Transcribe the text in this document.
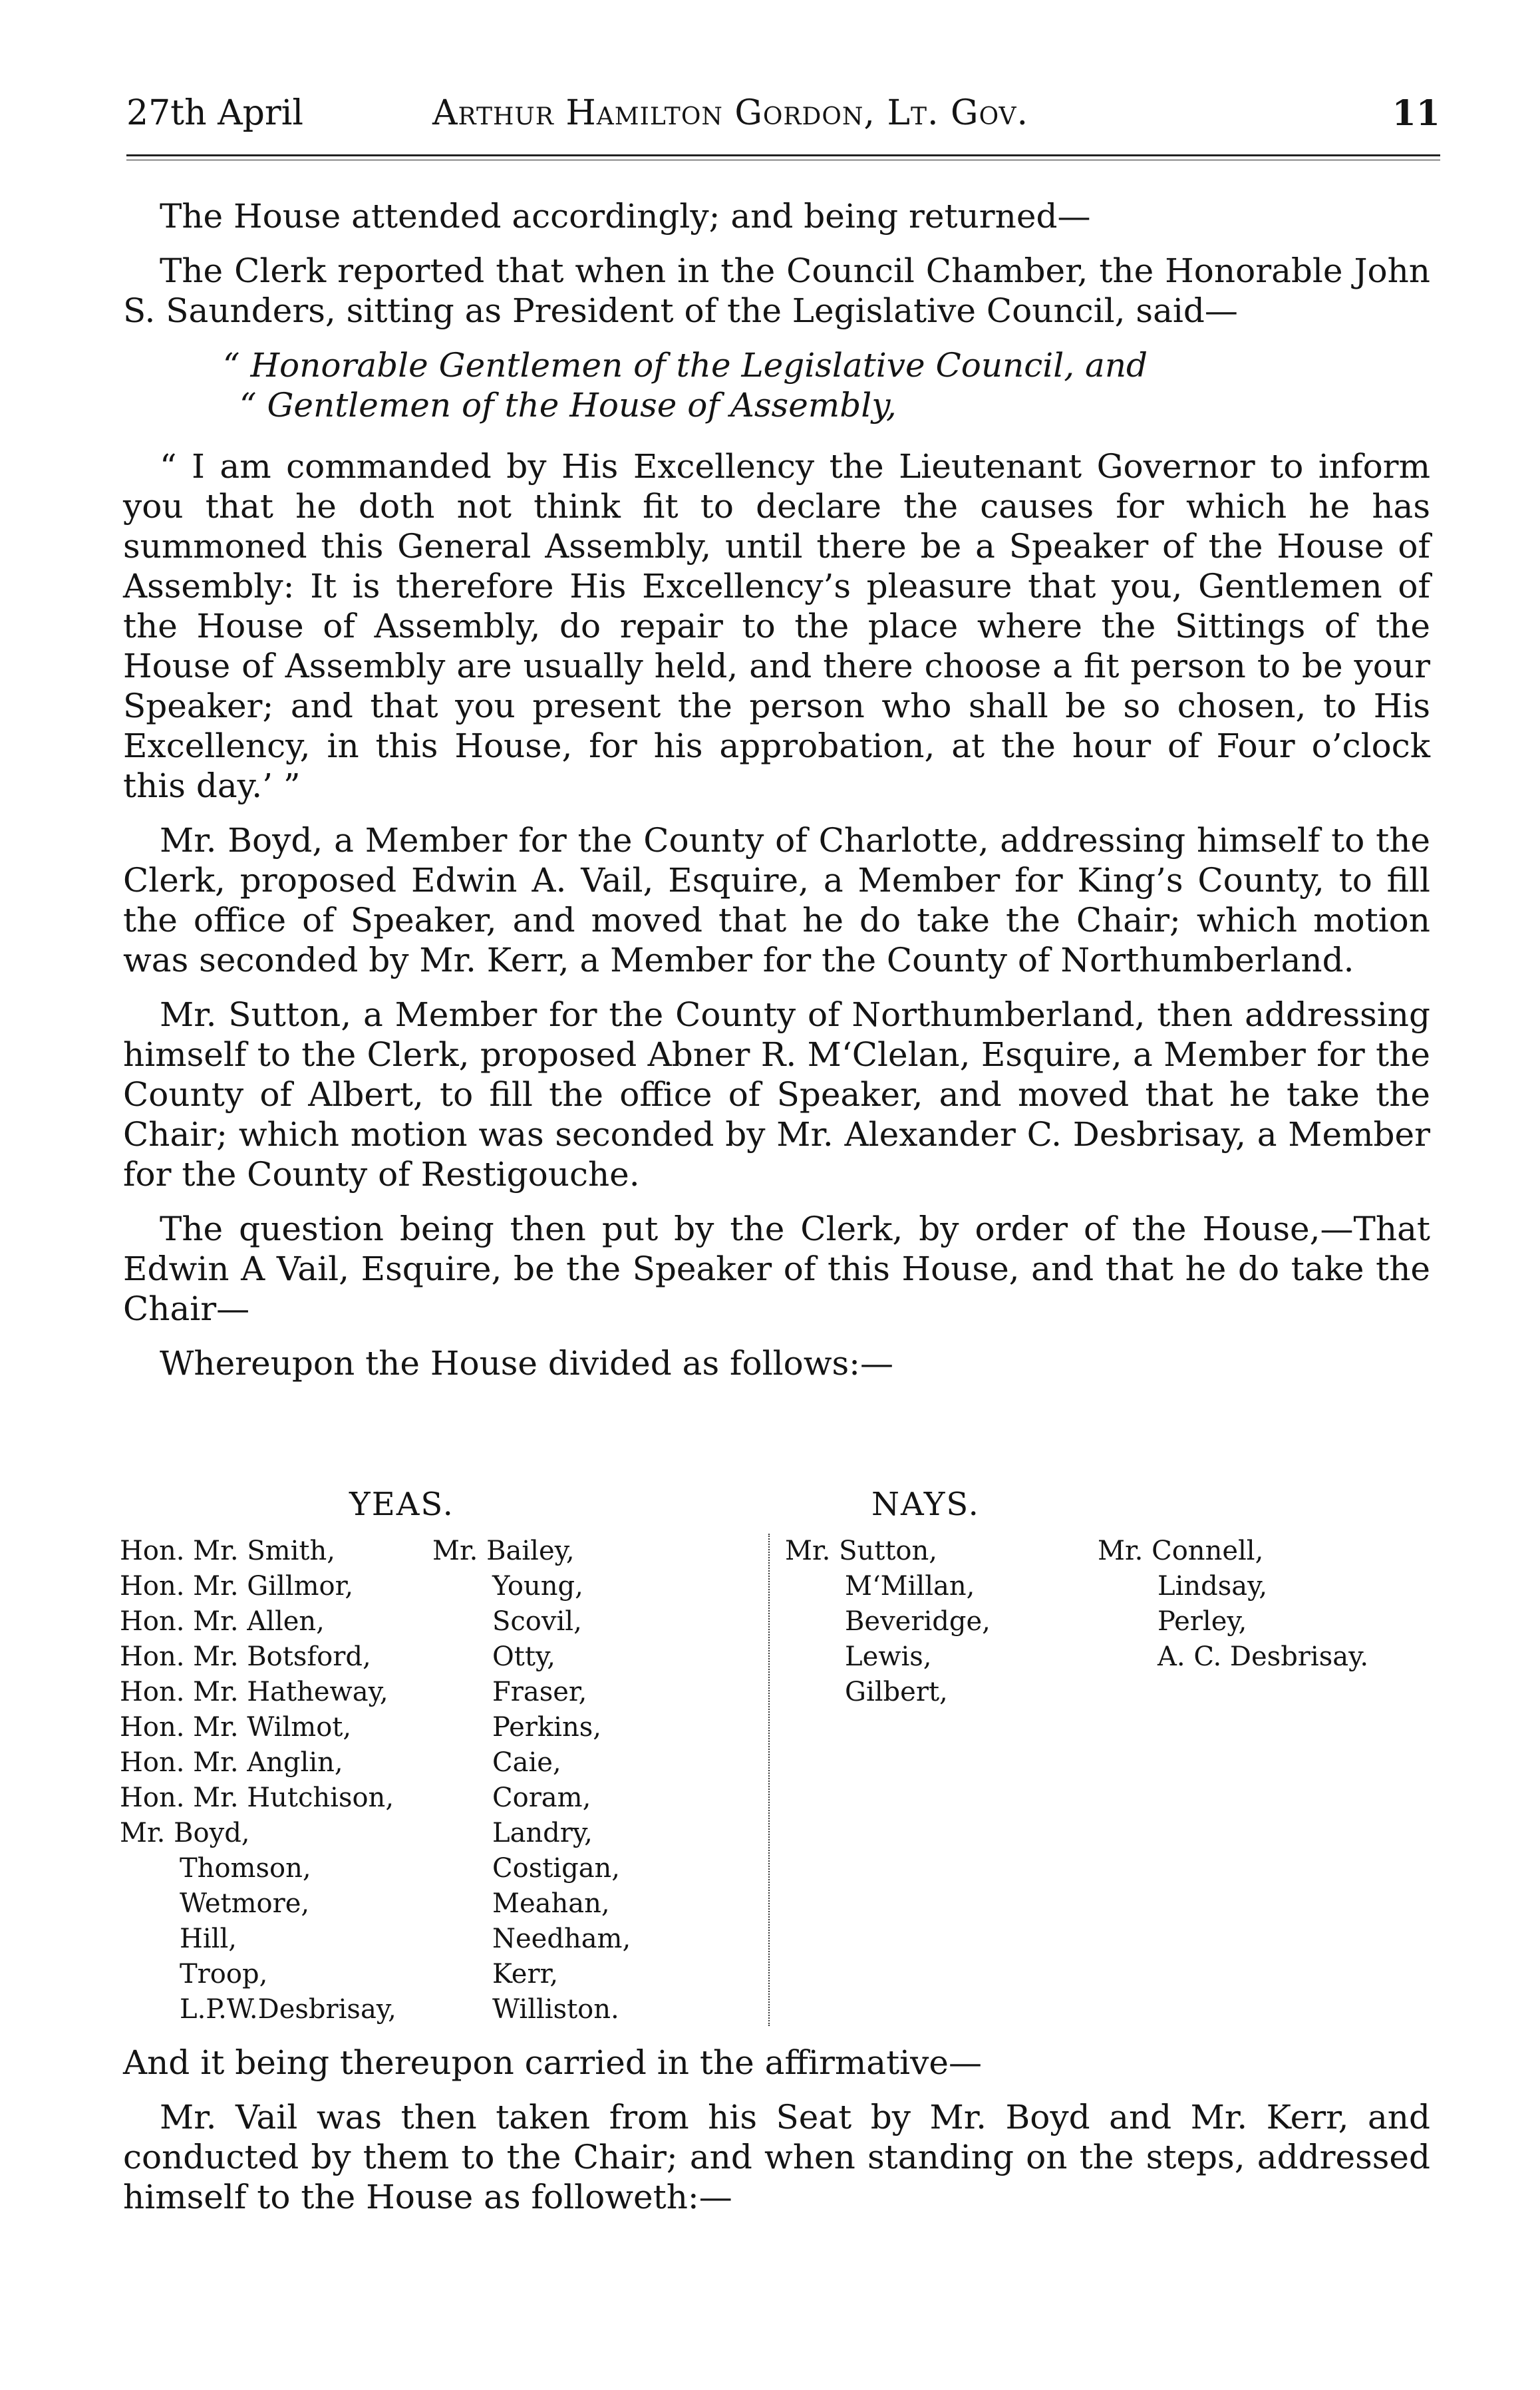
27th April	Arthur Hamilton Gordon, Lt. Gov.	11

The House attended accordingly; and being returned—

The Clerk reported that when in the Council Chamber, the Honorable John S. Saunders, sitting as President of the Legislative Council, said—

“ Honorable Gentlemen of the Legislative Council, and

“ Gentlemen of the House of Assembly,

“ I am commanded by His Excellency the Lieutenant Governor to inform you that he doth not think fit to declare the causes for which he has summoned this General Assembly, until there be a Speaker of the House of Assembly: It is therefore His Excellency’s pleasure that you, Gentlemen of the House of Assembly, do repair to the place where the Sittings of the House of Assembly are usually held, and there choose a fit person to be your Speaker; and that you present the person who shall be so chosen, to His Excellency, in this House, for his approbation, at the hour of Four o’clock this day.’ ”

Mr. Boyd, a Member for the County of Charlotte, addressing himself to the Clerk, proposed Edwin A. Vail, Esquire, a Member for King’s County, to fill the office of Speaker, and moved that he do take the Chair; which motion was seconded by Mr. Kerr, a Member for the County of Northumberland.

Mr. Sutton, a Member for the County of Northumberland, then addressing himself to the Clerk, proposed Abner R. M‘Clelan, Esquire, a Member for the County of Albert, to fill the office of Speaker, and moved that he take the Chair; which motion was seconded by Mr. Alexander C. Desbrisay, a Member for the County of Restigouche.

The question being then put by the Clerk, by order of the House,—That Edwin A Vail, Esquire, be the Speaker of this House, and that he do take the Chair—

Whereupon the House divided as follows:—

YEAS.	NAYS.
Hon. Mr. Smith,
Hon. Mr. Gillmor,
Hon. Mr. Allen,
Hon. Mr. Botsford,
Hon. Mr. Hatheway,
Hon. Mr. Wilmot,
Hon. Mr. Anglin,
Hon. Mr. Hutchison,
Mr. Boyd,
Thomson,
Wetmore,
Hill,
Troop,
L.P.W.Desbrisay,
Mr. Bailey,
Young,
Scovil,
Otty,
Fraser,
Perkins,
Caie,
Coram,
Landry,
Costigan,
Meahan,
Needham,
Kerr,
Williston.
Mr. Sutton,
M‘Millan,
Beveridge,
Lewis,
Gilbert,
Mr. Connell,
Lindsay,
Perley,
A. C. Desbrisay.

And it being thereupon carried in the affirmative—

Mr. Vail was then taken from his Seat by Mr. Boyd and Mr. Kerr, and conducted by them to the Chair; and when standing on the steps, addressed himself to the House as followeth:—
